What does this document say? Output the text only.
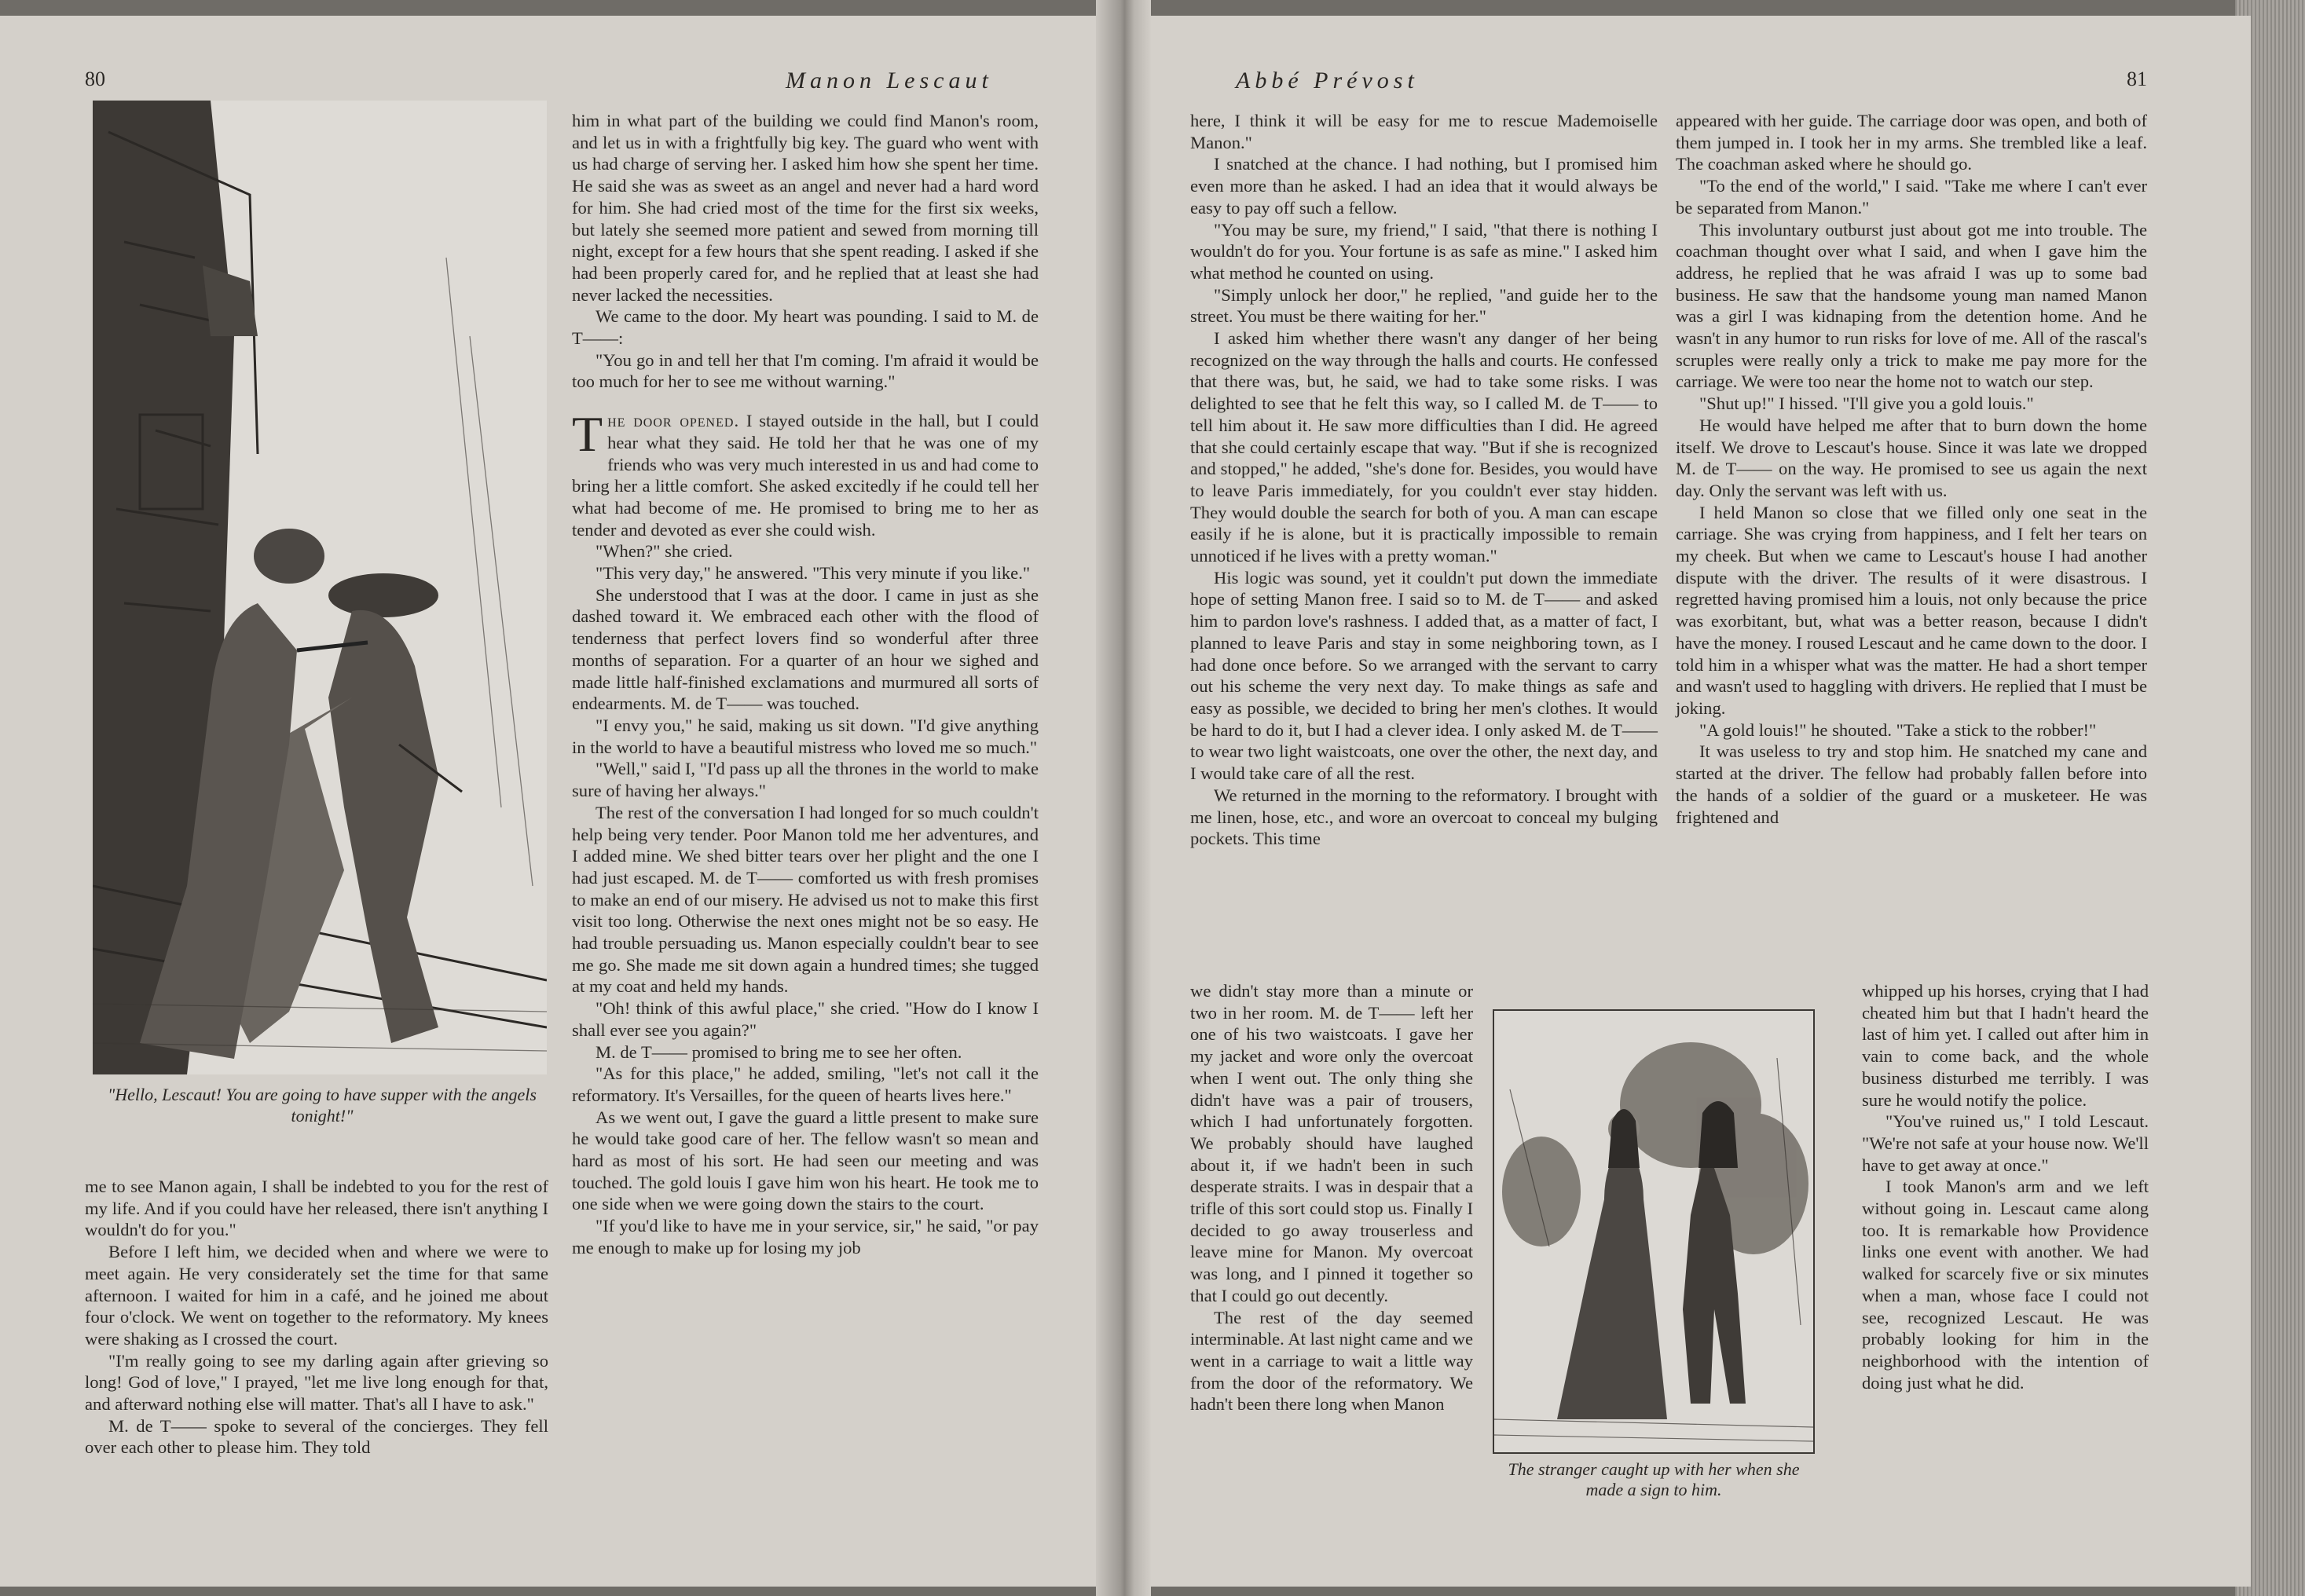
80	Manon Lescaut
"Hello, Lescaut! You are going to have supper with the angels tonight!"

me to see Manon again, I shall be indebted to you for the rest of my life. And if you could have her released, there isn't anything I wouldn't do for you."

Before I left him, we decided when and where we were to meet again. He very considerately set the time for that same afternoon. I waited for him in a café, and he joined me about four o'clock. We went on together to the reformatory. My knees were shaking as I crossed the court.

"I'm really going to see my darling again after grieving so long! God of love," I prayed, "let me live long enough for that, and afterward nothing else will matter. That's all I have to ask."

M. de T—— spoke to several of the concierges. They fell over each other to please him. They told

him in what part of the building we could find Manon's room, and let us in with a frightfully big key. The guard who went with us had charge of serving her. I asked him how she spent her time. He said she was as sweet as an angel and never had a hard word for him. She had cried most of the time for the first six weeks, but lately she seemed more patient and sewed from morning till night, except for a few hours that she spent reading. I asked if she had been properly cared for, and he replied that at least she had never lacked the necessities.

We came to the door. My heart was pounding. I said to M. de T——:

"You go in and tell her that I'm coming. I'm afraid it would be too much for her to see me without warning."

The door opened. I stayed outside in the hall, but I could hear what they said. He told her that he was one of my friends who was very much interested in us and had come to bring her a little comfort. She asked excitedly if he could tell her what had become of me. He promised to bring me to her as tender and devoted as ever she could wish.

"When?" she cried.

"This very day," he answered. "This very minute if you like."

She understood that I was at the door. I came in just as she dashed toward it. We embraced each other with the flood of tenderness that perfect lovers find so wonderful after three months of separation. For a quarter of an hour we sighed and made little half-finished exclamations and murmured all sorts of endearments. M. de T—— was touched.

"I envy you," he said, making us sit down. "I'd give anything in the world to have a beautiful mistress who loved me so much."

"Well," said I, "I'd pass up all the thrones in the world to make sure of having her always."

The rest of the conversation I had longed for so much couldn't help being very tender. Poor Manon told me her adventures, and I added mine. We shed bitter tears over her plight and the one I had just escaped. M. de T—— comforted us with fresh promises to make an end of our misery. He advised us not to make this first visit too long. Otherwise the next ones might not be so easy. He had trouble persuading us. Manon especially couldn't bear to see me go. She made me sit down again a hundred times; she tugged at my coat and held my hands.

"Oh! think of this awful place," she cried. "How do I know I shall ever see you again?"

M. de T—— promised to bring me to see her often.

"As for this place," he added, smiling, "let's not call it the reformatory. It's Versailles, for the queen of hearts lives here."

As we went out, I gave the guard a little present to make sure he would take good care of her. The fellow wasn't so mean and hard as most of his sort. He had seen our meeting and was touched. The gold louis I gave him won his heart. He took me to one side when we were going down the stairs to the court.

"If you'd like to have me in your service, sir," he said, "or pay me enough to make up for losing my job

Abbé Prévost	81

here, I think it will be easy for me to rescue Mademoiselle Manon."

I snatched at the chance. I had nothing, but I promised him even more than he asked. I had an idea that it would always be easy to pay off such a fellow.

"You may be sure, my friend," I said, "that there is nothing I wouldn't do for you. Your fortune is as safe as mine." I asked him what method he counted on using.

"Simply unlock her door," he replied, "and guide her to the street. You must be there waiting for her."

I asked him whether there wasn't any danger of her being recognized on the way through the halls and courts. He confessed that there was, but, he said, we had to take some risks. I was delighted to see that he felt this way, so I called M. de T—— to tell him about it. He saw more difficulties than I did. He agreed that she could certainly escape that way. "But if she is recognized and stopped," he added, "she's done for. Besides, you would have to leave Paris immediately, for you couldn't ever stay hidden. They would double the search for both of you. A man can escape easily if he is alone, but it is practically impossible to remain unnoticed if he lives with a pretty woman."

His logic was sound, yet it couldn't put down the immediate hope of setting Manon free. I said so to M. de T—— and asked him to pardon love's rashness. I added that, as a matter of fact, I planned to leave Paris and stay in some neighboring town, as I had done once before. So we arranged with the servant to carry out his scheme the very next day. To make things as safe and easy as possible, we decided to bring her men's clothes. It would be hard to do it, but I had a clever idea. I only asked M. de T—— to wear two light waistcoats, one over the other, the next day, and I would take care of all the rest.

We returned in the morning to the reformatory. I brought with me linen, hose, etc., and wore an overcoat to conceal my bulging pockets. This time

we didn't stay more than a minute or two in her room. M. de T—— left her one of his two waistcoats. I gave her my jacket and wore only the overcoat when I went out. The only thing she didn't have was a pair of trousers, which I had unfortunately forgotten. We probably should have laughed about it, if we hadn't been in such desperate straits. I was in despair that a trifle of this sort could stop us. Finally I decided to go away trouserless and leave mine for Manon. My overcoat was long, and I pinned it together so that I could go out decently.

The rest of the day seemed interminable. At last night came and we went in a carriage to wait a little way from the door of the reformatory. We hadn't been there long when Manon

The stranger caught up with her when she made a sign to him.

appeared with her guide. The carriage door was open, and both of them jumped in. I took her in my arms. She trembled like a leaf. The coachman asked where he should go.

"To the end of the world," I said. "Take me where I can't ever be separated from Manon."

This involuntary outburst just about got me into trouble. The coachman thought over what I said, and when I gave him the address, he replied that he was afraid I was up to some bad business. He saw that the handsome young man named Manon was a girl I was kidnaping from the detention home. And he wasn't in any humor to run risks for love of me. All of the rascal's scruples were really only a trick to make me pay more for the carriage. We were too near the home not to watch our step.

"Shut up!" I hissed. "I'll give you a gold louis."

He would have helped me after that to burn down the home itself. We drove to Lescaut's house. Since it was late we dropped M. de T—— on the way. He promised to see us again the next day. Only the servant was left with us.

I held Manon so close that we filled only one seat in the carriage. She was crying from happiness, and I felt her tears on my cheek. But when we came to Lescaut's house I had another dispute with the driver. The results of it were disastrous. I regretted having promised him a louis, not only because the price was exorbitant, but, what was a better reason, because I didn't have the money. I roused Lescaut and he came down to the door. I told him in a whisper what was the matter. He had a short temper and wasn't used to haggling with drivers. He replied that I must be joking.

"A gold louis!" he shouted. "Take a stick to the robber!"

It was useless to try and stop him. He snatched my cane and started at the driver. The fellow had probably fallen before into the hands of a soldier of the guard or a musketeer. He was frightened and

whipped up his horses, crying that I had cheated him but that I hadn't heard the last of him yet. I called out after him in vain to come back, and the whole business disturbed me terribly. I was sure he would notify the police.

"You've ruined us," I told Lescaut. "We're not safe at your house now. We'll have to get away at once."

I took Manon's arm and we left without going in. Lescaut came along too. It is remarkable how Providence links one event with another. We had walked for scarcely five or six minutes when a man, whose face I could not see, recognized Lescaut. He was probably looking for him in the neighborhood with the intention of doing just what he did.
